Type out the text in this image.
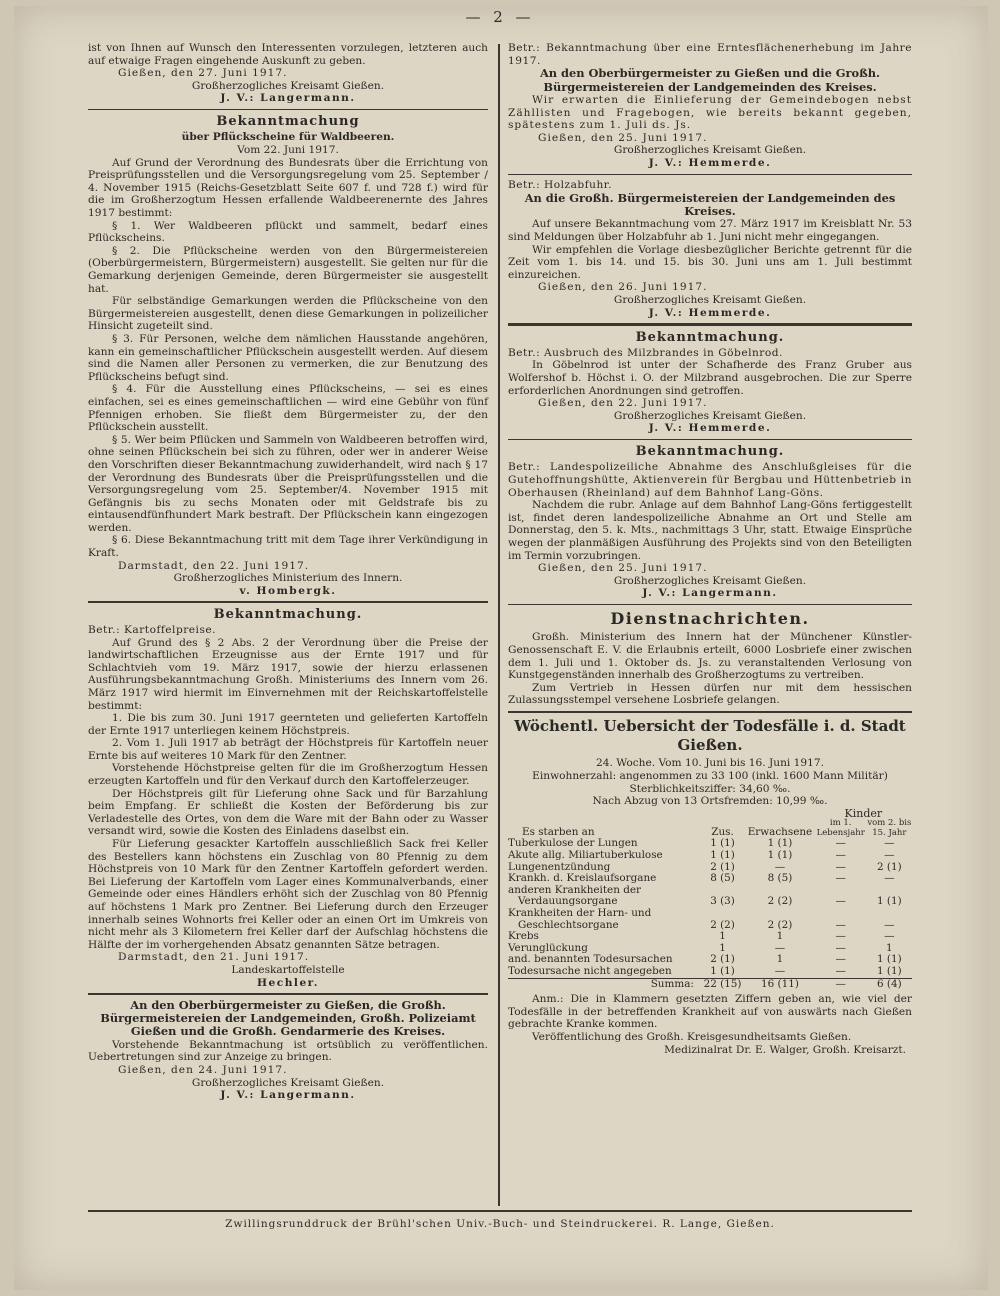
— 2 —

ist von Ihnen auf Wunsch den Interessenten vorzulegen, letzteren auch auf etwaige Fragen eingehende Auskunft zu geben.

Gießen, den 27. Juni 1917.

Großherzogliches Kreisamt Gießen.

J. V.: Langermann.

Bekanntmachung

über Pflückscheine für Waldbeeren.

Vom 22. Juni 1917.

Auf Grund der Verordnung des Bundesrats über die Errichtung von Preisprüfungsstellen und die Versorgungsregelung vom 25. September / 4. November 1915 (Reichs-Gesetzblatt Seite 607 f. und 728 f.) wird für die im Großherzogtum Hessen erfallende Waldbeerenernte des Jahres 1917 bestimmt:

§ 1. Wer Waldbeeren pflückt und sammelt, bedarf eines Pflückscheins.

§ 2. Die Pflückscheine werden von den Bürgermeistereien (Oberbürgermeistern, Bürgermeistern) ausgestellt. Sie gelten nur für die Gemarkung derjenigen Gemeinde, deren Bürgermeister sie ausgestellt hat.

Für selbständige Gemarkungen werden die Pflückscheine von den Bürgermeistereien ausgestellt, denen diese Gemarkungen in polizeilicher Hinsicht zugeteilt sind.

§ 3. Für Personen, welche dem nämlichen Hausstande angehören, kann ein gemeinschaftlicher Pflückschein ausgestellt werden. Auf diesem sind die Namen aller Personen zu vermerken, die zur Benutzung des Pflückscheins befugt sind.

§ 4. Für die Ausstellung eines Pflückscheins, — sei es eines einfachen, sei es eines gemeinschaftlichen — wird eine Gebühr von fünf Pfennigen erhoben. Sie fließt dem Bürgermeister zu, der den Pflückschein ausstellt.

§ 5. Wer beim Pflücken und Sammeln von Waldbeeren betroffen wird, ohne seinen Pflückschein bei sich zu führen, oder wer in anderer Weise den Vorschriften dieser Bekanntmachung zuwiderhandelt, wird nach § 17 der Verordnung des Bundesrats über die Preisprüfungsstellen und die Versorgungsregelung vom 25. September/4. November 1915 mit Gefängnis bis zu sechs Monaten oder mit Geldstrafe bis zu eintausendfünfhundert Mark bestraft. Der Pflückschein kann eingezogen werden.

§ 6. Diese Bekanntmachung tritt mit dem Tage ihrer Verkündigung in Kraft.

Darmstadt, den 22. Juni 1917.

Großherzogliches Ministerium des Innern.

v. Hombergk.

Bekanntmachung.

Betr.: Kartoffelpreise.

Auf Grund des § 2 Abs. 2 der Verordnung über die Preise der landwirtschaftlichen Erzeugnisse aus der Ernte 1917 und für Schlachtvieh vom 19. März 1917, sowie der hierzu erlassenen Ausführungsbekanntmachung Großh. Ministeriums des Innern vom 26. März 1917 wird hiermit im Einvernehmen mit der Reichskartoffelstelle bestimmt:

1. Die bis zum 30. Juni 1917 geernteten und gelieferten Kartoffeln der Ernte 1917 unterliegen keinem Höchstpreis.

2. Vom 1. Juli 1917 ab beträgt der Höchstpreis für Kartoffeln neuer Ernte bis auf weiteres 10 Mark für den Zentner.

Vorstehende Höchstpreise gelten für die im Großherzogtum Hessen erzeugten Kartoffeln und für den Verkauf durch den Kartoffelerzeuger.

Der Höchstpreis gilt für Lieferung ohne Sack und für Barzahlung beim Empfang. Er schließt die Kosten der Beförderung bis zur Verladestelle des Ortes, von dem die Ware mit der Bahn oder zu Wasser versandt wird, sowie die Kosten des Einladens daselbst ein.

Für Lieferung gesackter Kartoffeln ausschließlich Sack frei Keller des Bestellers kann höchstens ein Zuschlag von 80 Pfennig zu dem Höchstpreis von 10 Mark für den Zentner Kartoffeln gefordert werden. Bei Lieferung der Kartoffeln vom Lager eines Kommunalverbands, einer Gemeinde oder eines Händlers erhöht sich der Zuschlag von 80 Pfennig auf höchstens 1 Mark pro Zentner. Bei Lieferung durch den Erzeuger innerhalb seines Wohnorts frei Keller oder an einen Ort im Umkreis von nicht mehr als 3 Kilometern frei Keller darf der Aufschlag höchstens die Hälfte der im vorhergehenden Absatz genannten Sätze betragen.

Darmstadt, den 21. Juni 1917.

Landeskartoffelstelle

Hechler.

An den Oberbürgermeister zu Gießen, die Großh. Bürgermeistereien der Landgemeinden, Großh. Polizeiamt Gießen und die Großh. Gendarmerie des Kreises.

Vorstehende Bekanntmachung ist ortsüblich zu veröffentlichen. Uebertretungen sind zur Anzeige zu bringen.

Gießen, den 24. Juni 1917.

Großherzogliches Kreisamt Gießen.

J. V.: Langermann.

Betr.: Bekanntmachung über eine Erntesflächenerhebung im Jahre 1917.

An den Oberbürgermeister zu Gießen und die Großh. Bürgermeistereien der Landgemeinden des Kreises.

Wir erwarten die Einlieferung der Gemeindebogen nebst Zähllisten und Fragebogen, wie bereits bekannt gegeben, spätestens zum 1. Juli ds. Js.

Gießen, den 25. Juni 1917.

Großherzogliches Kreisamt Gießen.

J. V.: Hemmerde.

Betr.: Holzabfuhr.

An die Großh. Bürgermeistereien der Landgemeinden des Kreises.

Auf unsere Bekanntmachung vom 27. März 1917 im Kreisblatt Nr. 53 sind Meldungen über Holzabfuhr ab 1. Juni nicht mehr eingegangen.

Wir empfehlen die Vorlage diesbezüglicher Berichte getrennt für die Zeit vom 1. bis 14. und 15. bis 30. Juni uns am 1. Juli bestimmt einzureichen.

Gießen, den 26. Juni 1917.

Großherzogliches Kreisamt Gießen.

J. V.: Hemmerde.

Bekanntmachung.

Betr.: Ausbruch des Milzbrandes in Göbelnrod.

In Göbelnrod ist unter der Schafherde des Franz Gruber aus Wolfershof b. Höchst i. O. der Milzbrand ausgebrochen. Die zur Sperre erforderlichen Anordnungen sind getroffen.

Gießen, den 22. Juni 1917.

Großherzogliches Kreisamt Gießen.

J. V.: Hemmerde.

Bekanntmachung.

Betr.: Landespolizeiliche Abnahme des Anschlußgleises für die Gutehoffnungshütte, Aktienverein für Bergbau und Hüttenbetrieb in Oberhausen (Rheinland) auf dem Bahnhof Lang-Göns.

Nachdem die rubr. Anlage auf dem Bahnhof Lang-Göns fertiggestellt ist, findet deren landespolizeiliche Abnahme an Ort und Stelle am Donnerstag, den 5. k. Mts., nachmittags 3 Uhr, statt. Etwaige Einsprüche wegen der planmäßigen Ausführung des Projekts sind von den Beteiligten im Termin vorzubringen.

Gießen, den 25. Juni 1917.

Großherzogliches Kreisamt Gießen.

J. V.: Langermann.

Dienstnachrichten.

Großh. Ministerium des Innern hat der Münchener Künstler-Genossenschaft E. V. die Erlaubnis erteilt, 6000 Losbriefe einer zwischen dem 1. Juli und 1. Oktober ds. Js. zu veranstaltenden Verlosung von Kunstgegenständen innerhalb des Großherzogtums zu vertreiben.

Zum Vertrieb in Hessen dürfen nur mit dem hessischen Zulassungsstempel versehene Losbriefe gelangen.

Wöchentl. Uebersicht der Todesfälle i. d. Stadt Gießen.

24. Woche. Vom 10. Juni bis 16. Juni 1917.

Einwohnerzahl: angenommen zu 33 100 (inkl. 1600 Mann Militär)

Sterblichkeitsziffer: 34,60 ‰.

Nach Abzug von 13 Ortsfremden: 10,99 ‰.

Es starben an	Zus.	Erwachsene	Kinder	
			im 1. Lebensjahr	vom 2. bis 15. Jahr
Tuberkulose der Lungen	1 (1)	1 (1)	—	—
Akute allg. Miliartuberkulose	1 (1)	1 (1)	—	—
Lungenentzündung	2 (1)	—	—	2 (1)
Krankh. d. Kreislaufsorgane	8 (5)	8 (5)	—	—
anderen Krankheiten der				
Verdauungsorgane	3 (3)	2 (2)	—	1 (1)
Krankheiten der Harn- und				
Geschlechtsorgane	2 (2)	2 (2)	—	—
Krebs	1	1	—	—
Verunglückung	1	—	—	1
and. benannten Todesursachen	2 (1)	1	—	1 (1)
Todesursache nicht angegeben	1 (1)	—	—	1 (1)
Summa:	22 (15)	16 (11)	—	6 (4)

Anm.: Die in Klammern gesetzten Ziffern geben an, wie viel der Todesfälle in der betreffenden Krankheit auf von auswärts nach Gießen gebrachte Kranke kommen.

Veröffentlichung des Großh. Kreisgesundheitsamts Gießen.

Medizinalrat Dr. E. Walger, Großh. Kreisarzt.

Zwillingsrunddruck der Brühl'schen Univ.-Buch- und Steindruckerei. R. Lange, Gießen.
